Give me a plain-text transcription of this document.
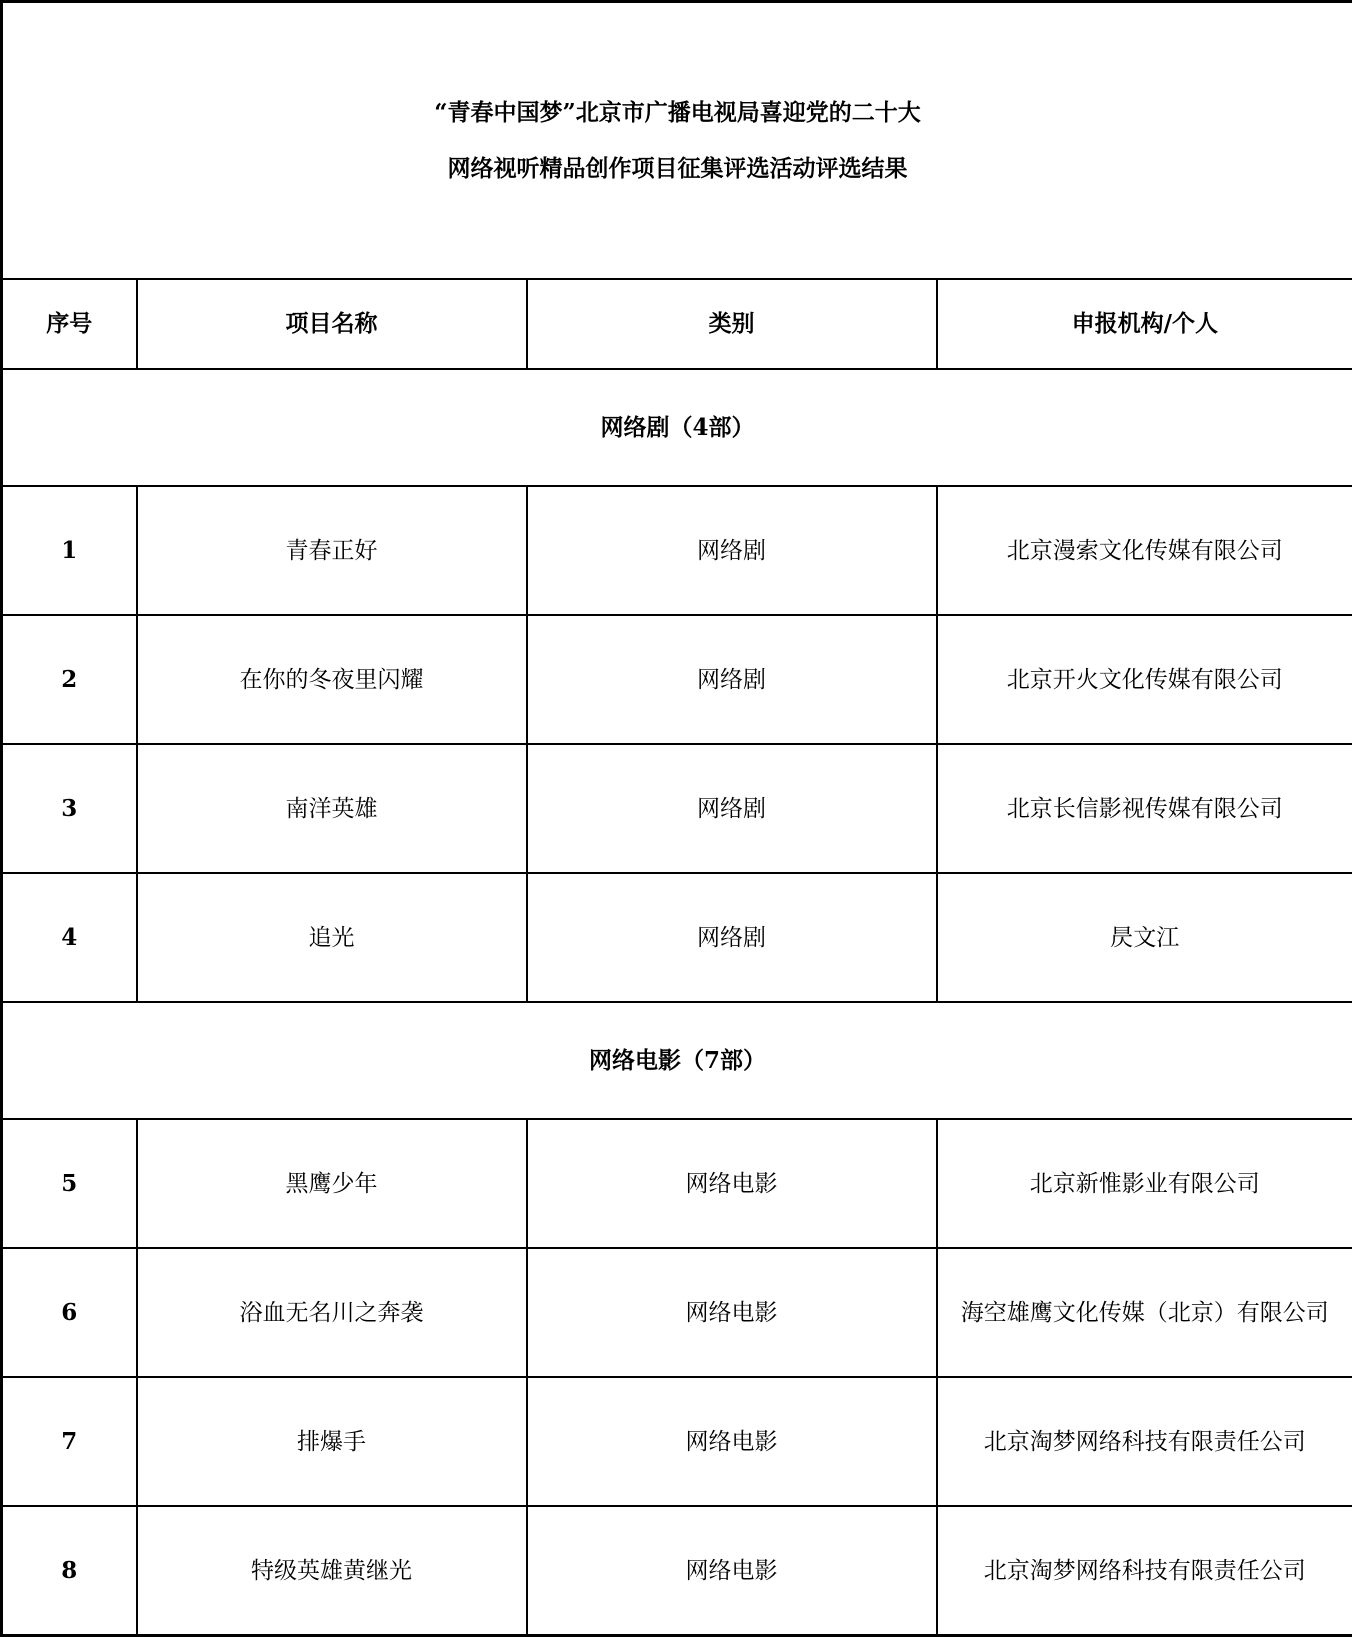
“青春中国梦”北京市广播电视局喜迎党的二十大
网络视听精品创作项目征集评选活动评选结果			

序号	项目名称	类别	申报机构/个人
网络剧（4部）			
1	青春正好	网络剧	北京漫索文化传媒有限公司
2	在你的冬夜里闪耀	网络剧	北京开火文化传媒有限公司
3	南洋英雄	网络剧	北京长信影视传媒有限公司
4	追光	网络剧	昃文江
网络电影（7部）			
5	黑鹰少年	网络电影	北京新惟影业有限公司
6	浴血无名川之奔袭	网络电影	海空雄鹰文化传媒（北京）有限公司
7	排爆手	网络电影	北京淘梦网络科技有限责任公司
8	特级英雄黄继光	网络电影	北京淘梦网络科技有限责任公司
